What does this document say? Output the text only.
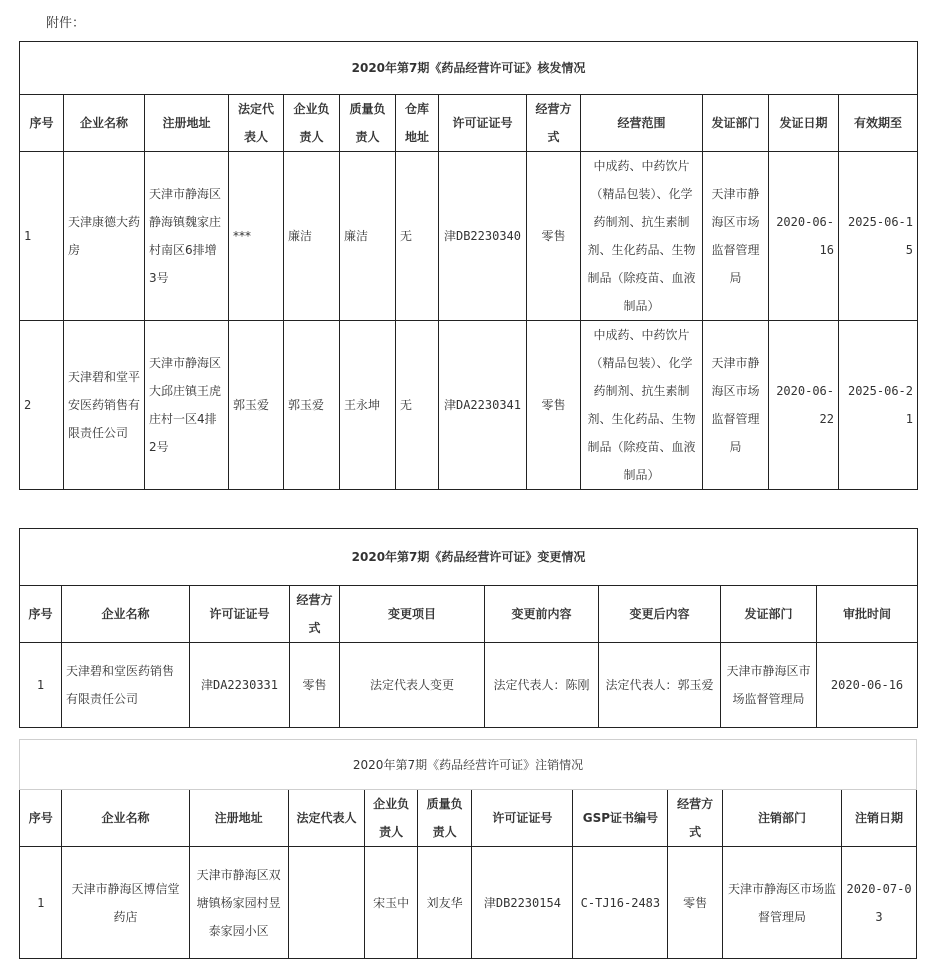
附件：
2020年第7期《药品经营许可证》核发情况												
序号	企业名称	注册地址	法定代表人	企业负责人	质量负责人	仓库地址	许可证证号	经营方式	经营范围	发证部门	发证日期	有效期至
1	天津康德大药房	天津市静海区静海镇魏家庄村南区6排增3号	***	廉洁	廉洁	无	津DB2230340	零售	中成药、中药饮片（精品包装）、化学药制剂、抗生素制剂、生化药品、生物制品（除疫苗、血液制品）	天津市静海区市场监督管理局	2020-06-16	2025-06-15
2	天津碧和堂平安医药销售有限责任公司	天津市静海区大邱庄镇王虎庄村一区4排2号	郭玉爱	郭玉爱	王永坤	无	津DA2230341	零售	中成药、中药饮片（精品包装）、化学药制剂、抗生素制剂、生化药品、生物制品（除疫苗、血液制品）	天津市静海区市场监督管理局	2020-06-22	2025-06-21
2020年第7期《药品经营许可证》变更情况								
序号	企业名称	许可证证号	经营方式	变更项目	变更前内容	变更后内容	发证部门	审批时间
1	天津碧和堂医药销售有限责任公司	津DA2230331	零售	法定代表人变更	法定代表人：陈刚	法定代表人：郭玉爱	天津市静海区市场监督管理局	2020-06-16
2020年第7期《药品经营许可证》注销情况										
序号	企业名称	注册地址	法定代表人	企业负责人	质量负责人	许可证证号	GSP证书编号	经营方式	注销部门	注销日期
1	天津市静海区博信堂药店	天津市静海区双塘镇杨家园村昱泰家园小区		宋玉中	刘友华	津DB2230154	C-TJ16-2483	零售	天津市静海区市场监督管理局	2020-07-03
